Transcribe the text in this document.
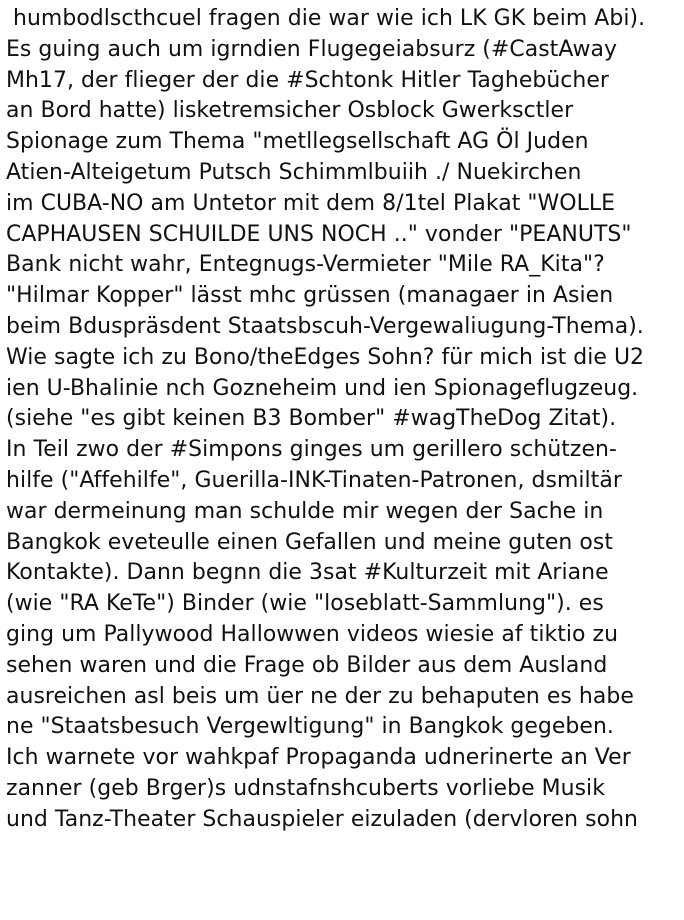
humbodlscthcuel fragen die war wie ich LK GK beim Abi).
Es guing auch um igrndien Flugegeiabsurz (#CastAway
Mh17, der flieger der die #Schtonk Hitler Taghebücher
an Bord hatte) lisketremsicher Osblock Gwerksctler
Spionage zum Thema "metllegsellschaft AG Öl Juden
Atien-Alteigetum Putsch Schimmlbuiih ./ Nuekirchen
im CUBA-NO am Untetor mit dem 8/1tel Plakat "WOLLE
CAPHAUSEN SCHUILDE UNS NOCH .." vonder "PEANUTS"
Bank nicht wahr, Entegnugs-Vermieter "Mile RA_Kita"?
"Hilmar Kopper" lässt mhc grüssen (managaer in Asien
beim Bduspräsdent Staatsbscuh-Vergewaliugung-Thema).
Wie sagte ich zu Bono/theEdges Sohn? für mich ist die U2
ien U-Bhalinie nch Gozneheim und ien Spionageflugzeug.
(siehe "es gibt keinen B3 Bomber" #wagTheDog Zitat).
In Teil zwo der #Simpons ginges um gerillero schützen-
hilfe ("Affehilfe", Guerilla-INK-Tinaten-Patronen, dsmiltär
war dermeinung man schulde mir wegen der Sache in
Bangkok eveteulle einen Gefallen und meine guten ost
Kontakte). Dann begnn die 3sat #Kulturzeit mit Ariane
(wie "RA KeTe") Binder (wie "loseblatt-Sammlung"). es
ging um Pallywood Hallowwen videos wiesie af tiktio zu
sehen waren und die Frage ob Bilder aus dem Ausland
ausreichen asl beis um üer ne der zu behaputen es habe
ne "Staatsbesuch Vergewltigung" in Bangkok gegeben.
Ich warnete vor wahkpaf Propaganda udnerinerte an Ver
zanner (geb Brger)s udnstafnshcuberts vorliebe Musik
und Tanz-Theater Schauspieler eizuladen (dervloren sohn
